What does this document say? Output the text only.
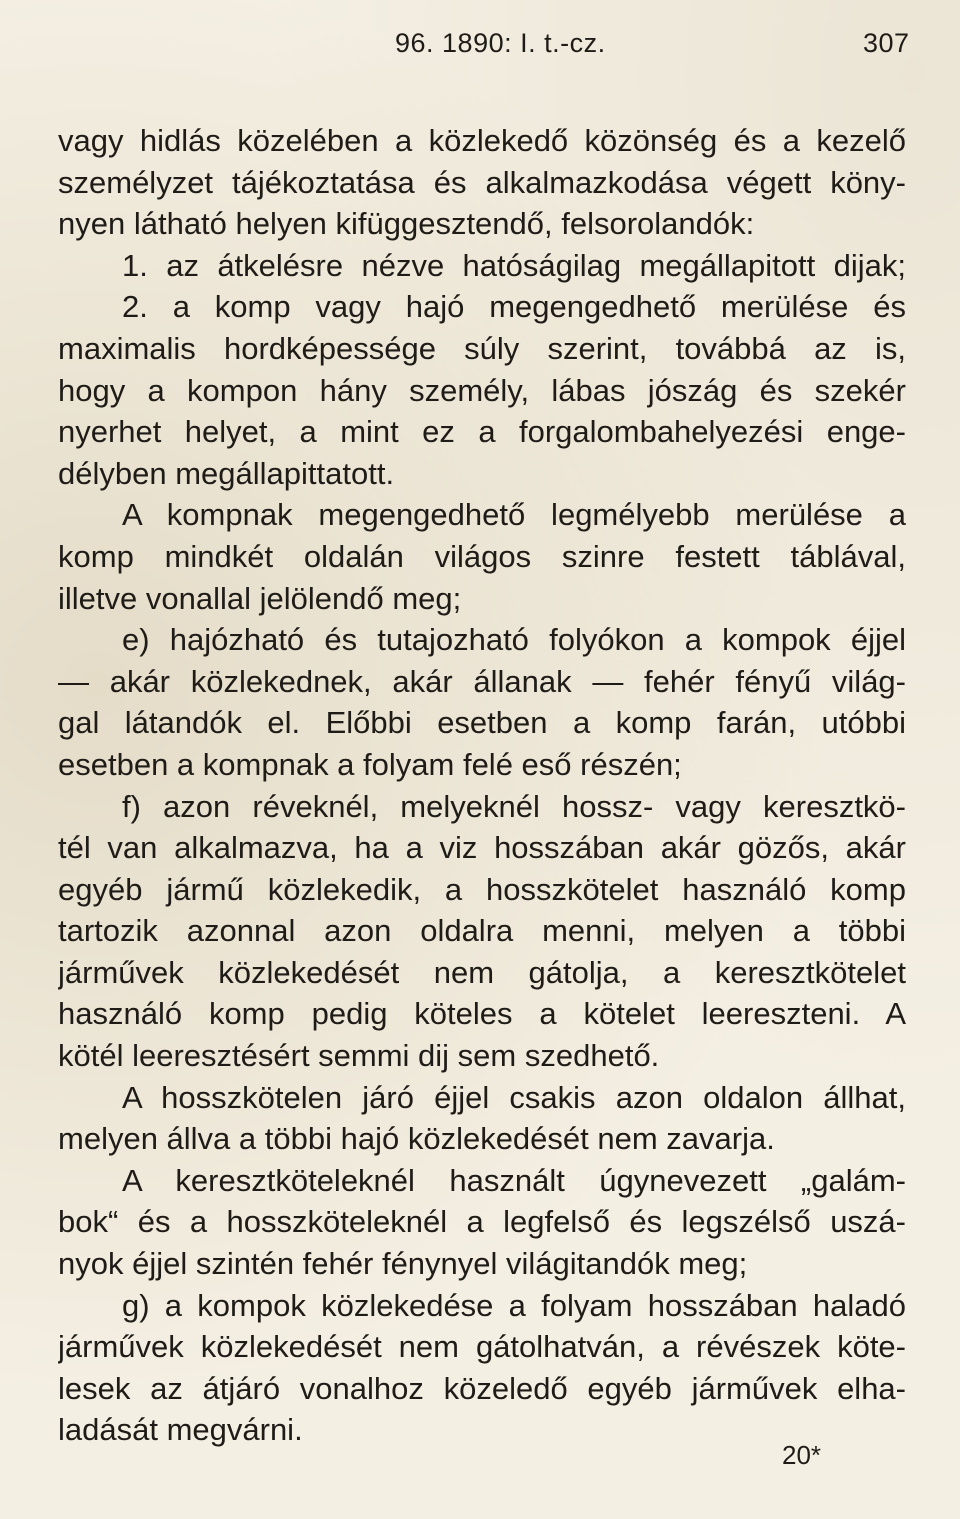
96. 1890: I. t.-cz.	307
vagy hidlás közelében a közlekedő közönség és a kezelő
személyzet tájékoztatása és alkalmazkodása végett köny-
nyen látható helyen kifüggesztendő, felsorolandók:
1. az átkelésre nézve hatóságilag megállapitott dijak;
2. a komp vagy hajó megengedhető merülése és
maximalis hordképessége súly szerint, továbbá az is,
hogy a kompon hány személy, lábas jószág és szekér
nyerhet helyet, a mint ez a forgalombahelyezési enge-
délyben megállapittatott.
A kompnak megengedhető legmélyebb merülése a
komp mindkét oldalán világos szinre festett táblával,
illetve vonallal jelölendő meg;
e) hajózható és tutajozható folyókon a kompok éjjel
— akár közlekednek, akár állanak — fehér fényű világ-
gal látandók el. Előbbi esetben a komp farán, utóbbi
esetben a kompnak a folyam felé eső részén;
f) azon réveknél, melyeknél hossz- vagy keresztkö-
tél van alkalmazva, ha a viz hosszában akár gözős, akár
egyéb jármű közlekedik, a hosszkötelet használó komp
tartozik azonnal azon oldalra menni, melyen a többi
járművek közlekedését nem gátolja, a keresztkötelet
használó komp pedig köteles a kötelet leereszteni. A
kötél leeresztésért semmi dij sem szedhető.
A hosszkötelen járó éjjel csakis azon oldalon állhat,
melyen állva a többi hajó közlekedését nem zavarja.
A keresztköteleknél használt úgynevezett „galám-
bok“ és a hosszköteleknél a legfelső és legszélső uszá-
nyok éjjel szintén fehér fénynyel világitandók meg;
g) a kompok közlekedése a folyam hosszában haladó
járművek közlekedését nem gátolhatván, a révészek köte-
lesek az átjáró vonalhoz közeledő egyéb járművek elha-
ladását megvárni.
20*
